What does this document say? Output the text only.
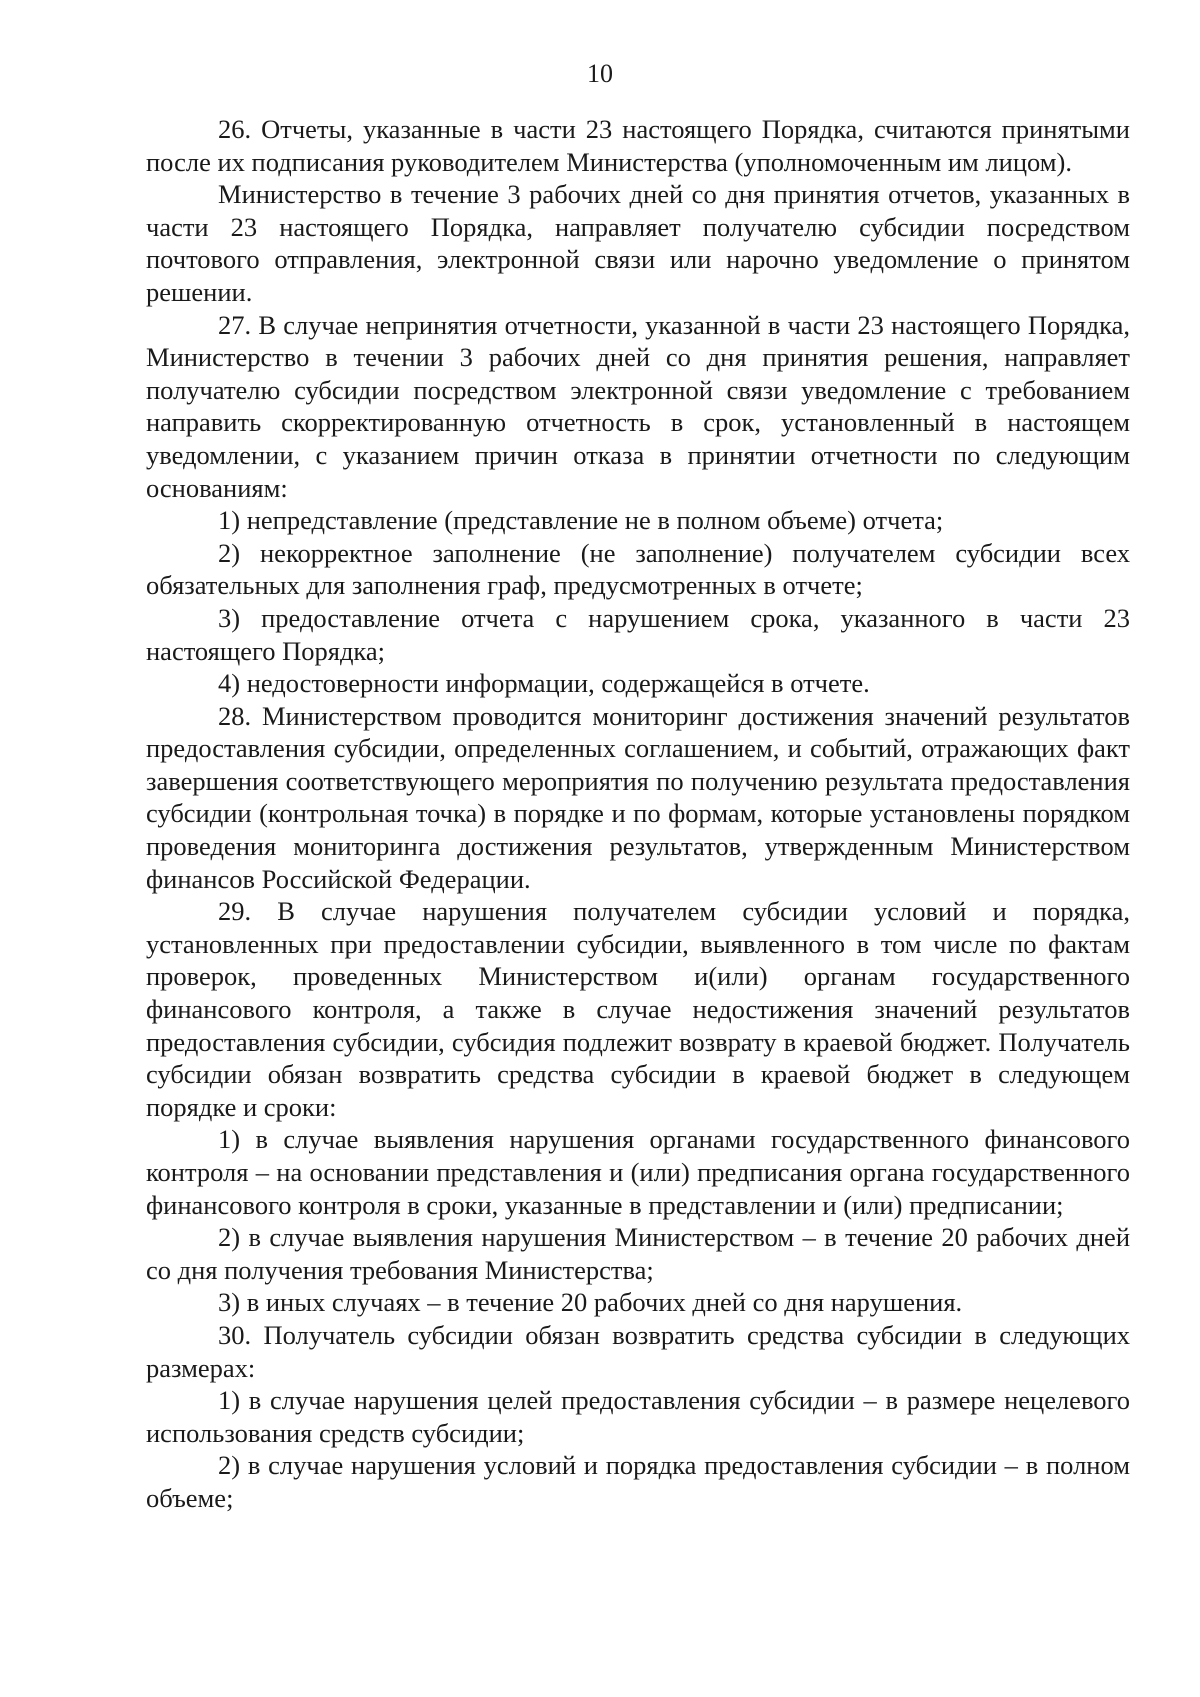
10

26. Отчеты, указанные в части 23 настоящего Порядка, считаются принятыми после их подписания руководителем Министерства (уполномоченным им лицом).

Министерство в течение 3 рабочих дней со дня принятия отчетов, указанных в части 23 настоящего Порядка, направляет получателю субсидии посредством почтового отправления, электронной связи или нарочно уведомление о принятом решении.

27. В случае непринятия отчетности, указанной в части 23 настоящего Порядка, Министерство в течении 3 рабочих дней со дня принятия решения, направляет получателю субсидии посредством электронной связи уведомление с требованием направить скорректированную отчетность в срок, установленный в настоящем уведомлении, с указанием причин отказа в принятии отчетности по следующим основаниям:

1) непредставление (представление не в полном объеме) отчета;

2) некорректное заполнение (не заполнение) получателем субсидии всех обязательных для заполнения граф, предусмотренных в отчете;

3) предоставление отчета с нарушением срока, указанного в части 23 настоящего Порядка;

4) недостоверности информации, содержащейся в отчете.

28. Министерством проводится мониторинг достижения значений результатов предоставления субсидии, определенных соглашением, и событий, отражающих факт завершения соответствующего мероприятия по получению результата предоставления субсидии (контрольная точка) в порядке и по формам, которые установлены порядком проведения мониторинга достижения результатов, утвержденным Министерством финансов Российской Федерации.

29. В случае нарушения получателем субсидии условий и порядка, установленных при предоставлении субсидии, выявленного в том числе по фактам проверок, проведенных Министерством и(или) органам государственного финансового контроля, а также в случае недостижения значений результатов предоставления субсидии, субсидия подлежит возврату в краевой бюджет. Получатель субсидии обязан возвратить средства субсидии в краевой бюджет в следующем порядке и сроки:

1) в случае выявления нарушения органами государственного финансового контроля – на основании представления и (или) предписания органа государственного финансового контроля в сроки, указанные в представлении и (или) предписании;

2) в случае выявления нарушения Министерством – в течение 20 рабочих дней со дня получения требования Министерства;

3) в иных случаях – в течение 20 рабочих дней со дня нарушения.

30. Получатель субсидии обязан возвратить средства субсидии в следующих размерах:

1) в случае нарушения целей предоставления субсидии – в размере нецелевого использования средств субсидии;

2) в случае нарушения условий и порядка предоставления субсидии – в полном объеме;
